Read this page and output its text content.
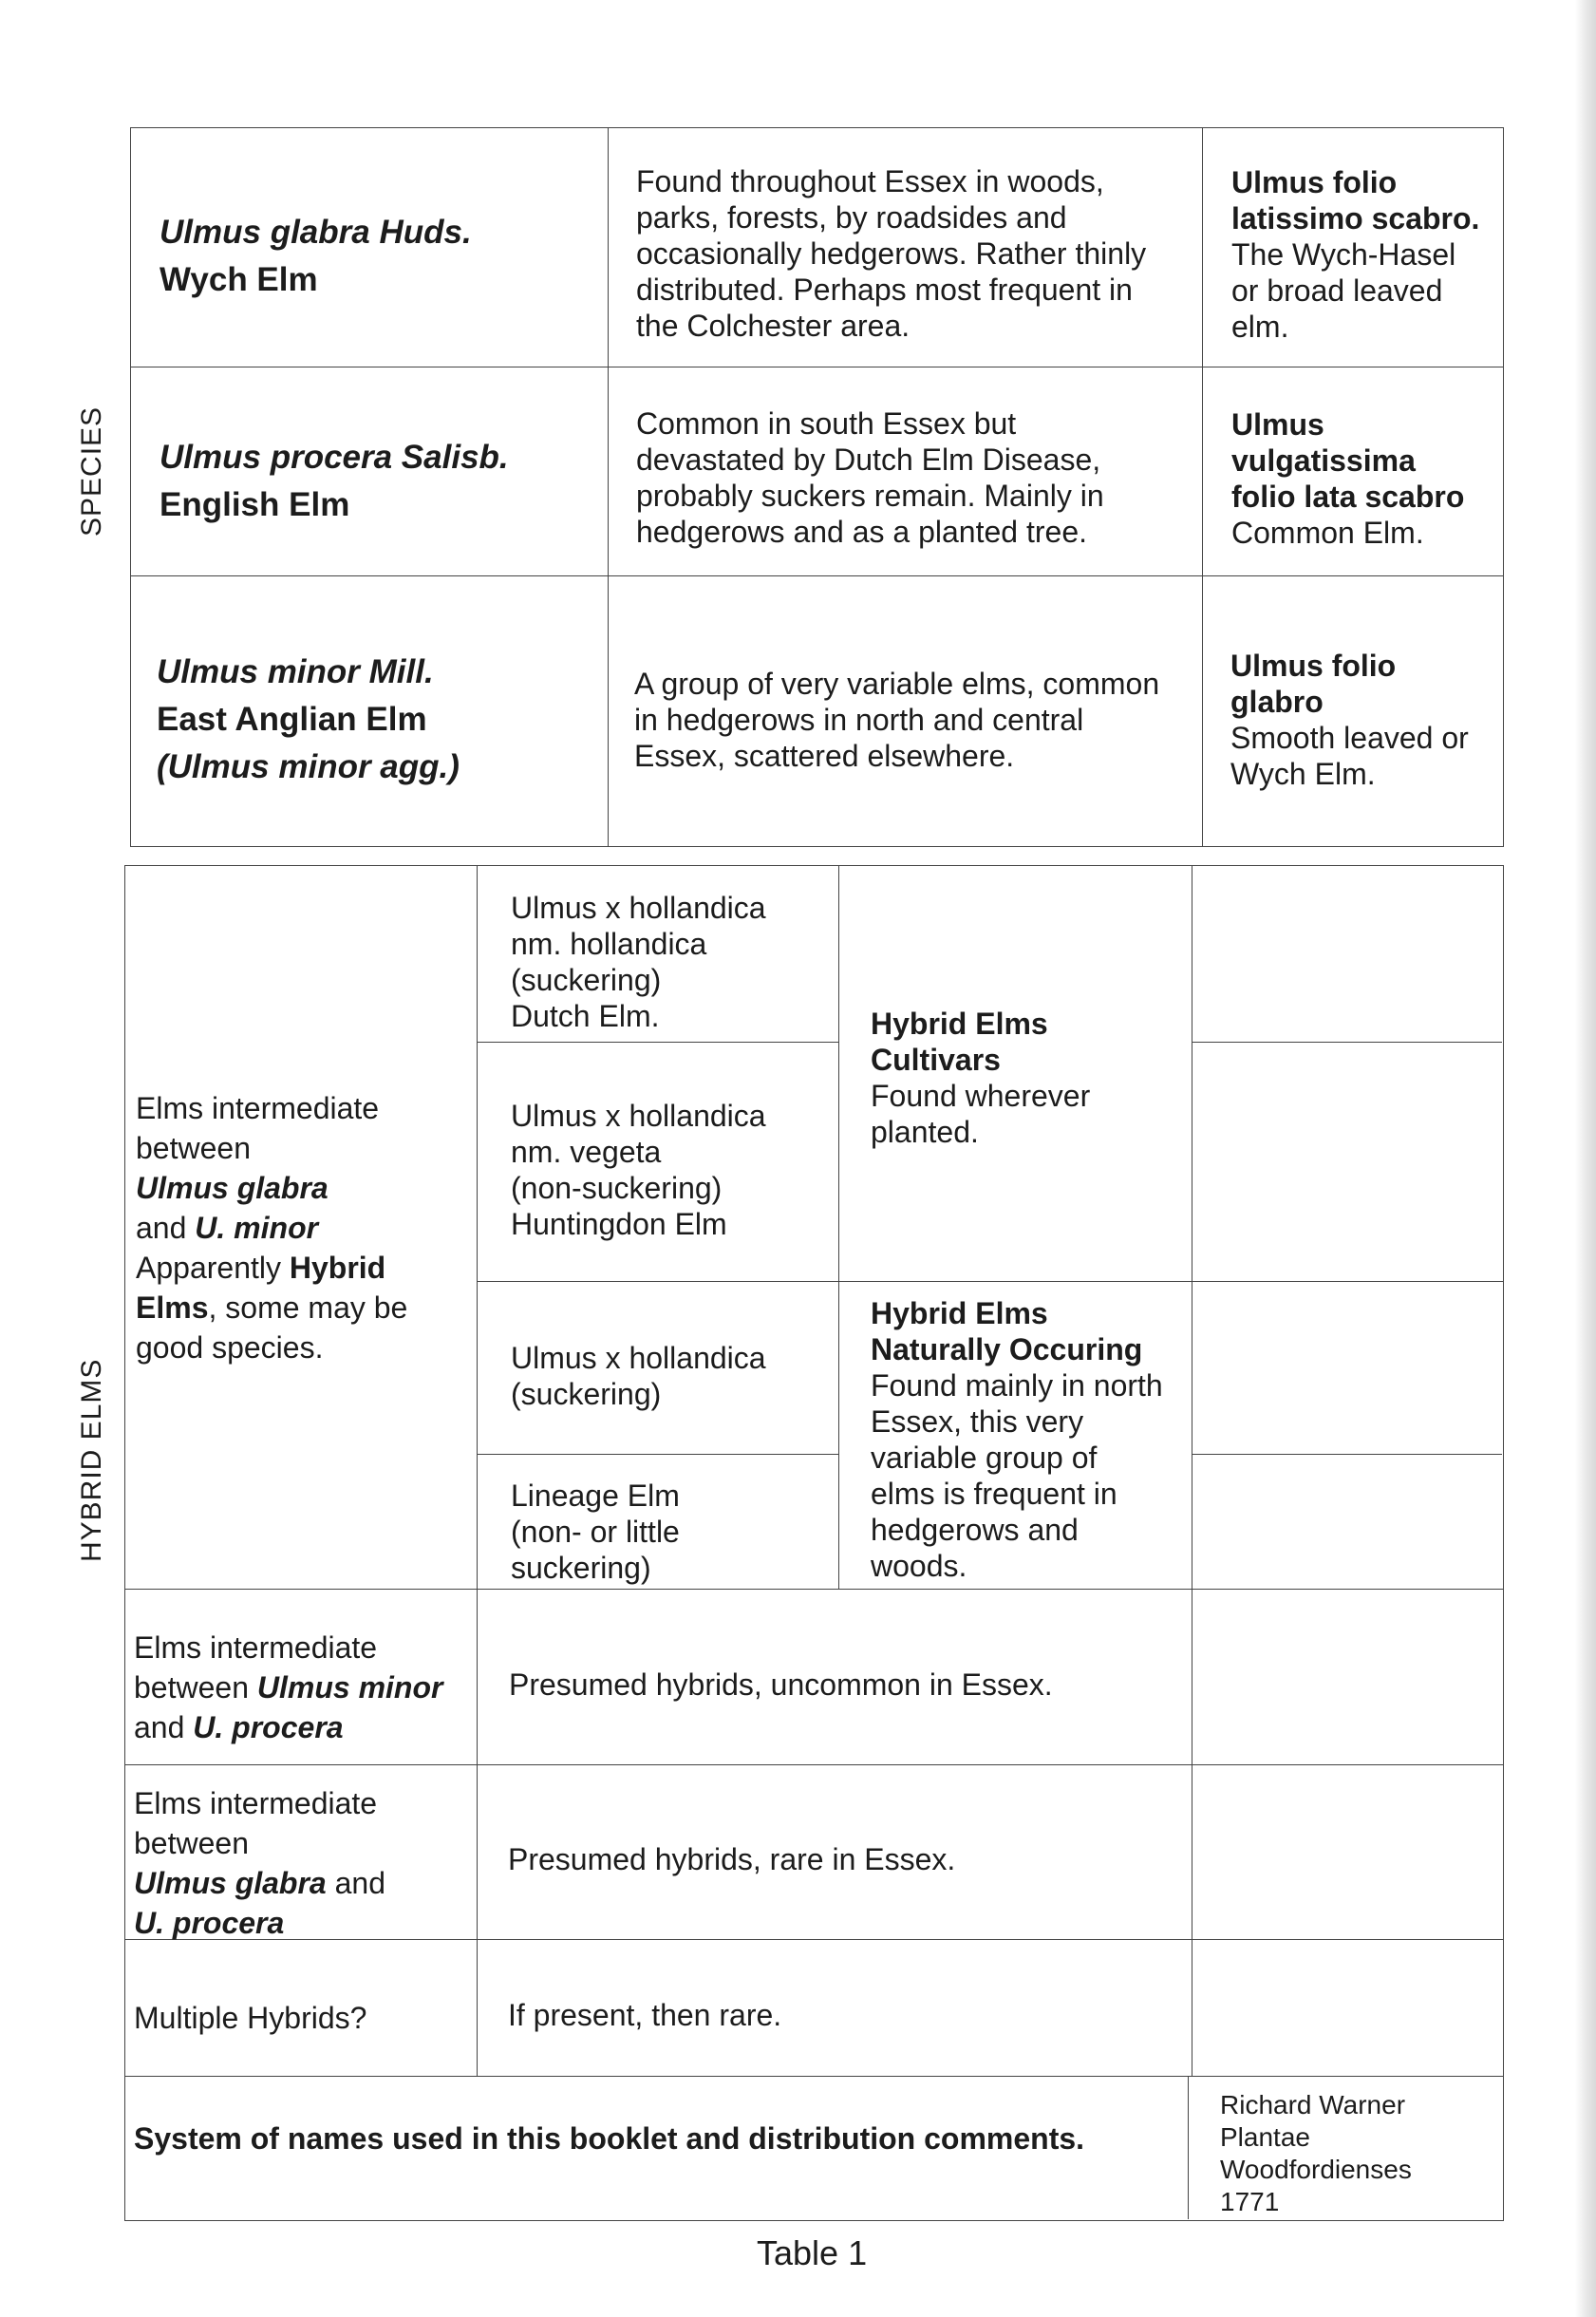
SPECIES
HYBRID ELMS
Ulmus glabra Huds.
Wych Elm
Found throughout Essex in woods,
parks, forests, by roadsides and
occasionally hedgerows. Rather thinly
distributed. Perhaps most frequent in
the Colchester area.
Ulmus folio
latissimo scabro.
The Wych-Hasel
or broad leaved
elm.
Ulmus procera Salisb.
English Elm
Common in south Essex but
devastated by Dutch Elm Disease,
probably suckers remain. Mainly in
hedgerows and as a planted tree.
Ulmus
vulgatissima
folio lata scabro
Common Elm.
Ulmus minor Mill.
East Anglian Elm
(Ulmus minor agg.)
A group of very variable elms, common
in hedgerows in north and central
Essex, scattered elsewhere.
Ulmus folio
glabro
Smooth leaved or
Wych Elm.
Elms intermediate
between
Ulmus glabra
and U. minor
Apparently Hybrid
Elms, some may be
good species.
Ulmus x hollandica
nm. hollandica
(suckering)
Dutch Elm.
Ulmus x hollandica
nm. vegeta
(non-suckering)
Huntingdon Elm
Ulmus x hollandica
(suckering)
Lineage Elm
(non- or little
suckering)
Hybrid Elms
Cultivars
Found wherever
planted.
Hybrid Elms
Naturally Occuring
Found mainly in north
Essex, this very
variable group of
elms is frequent in
hedgerows and
woods.
Elms intermediate
between Ulmus minor
and U. procera
Presumed hybrids, uncommon in Essex.
Elms intermediate
between
Ulmus glabra and
U. procera
Presumed hybrids, rare in Essex.
Multiple Hybrids?	If present, then rare.
System of names used in this booklet and distribution comments.
Richard Warner
Plantae
Woodfordienses
1771
Table 1
